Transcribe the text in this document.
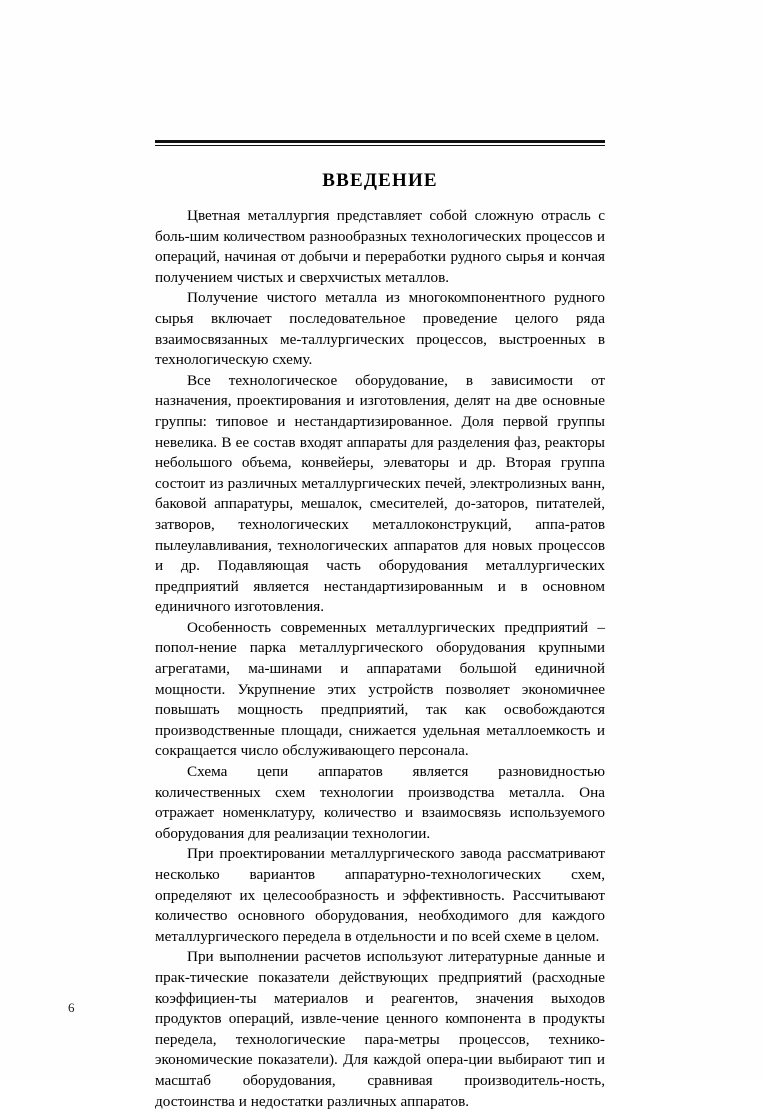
ВВЕДЕНИЕ

Цветная металлургия представляет собой сложную отрасль с боль-шим количеством разнообразных технологических процессов и операций, начиная от добычи и переработки рудного сырья и кончая получением чистых и сверхчистых металлов.

Получение чистого металла из многокомпонентного рудного сырья включает последовательное проведение целого ряда взаимосвязанных ме-таллургических процессов, выстроенных в технологическую схему.

Все технологическое оборудование, в зависимости от назначения, проектирования и изготовления, делят на две основные группы: типовое и нестандартизированное. Доля первой группы невелика. В ее состав входят аппараты для разделения фаз, реакторы небольшого объема, конвейеры, элеваторы и др. Вторая группа состоит из различных металлургических печей, электролизных ванн, баковой аппаратуры, мешалок, смесителей, до-заторов, питателей, затворов, технологических металлоконструкций, аппа-ратов пылеулавливания, технологических аппаратов для новых процессов и др. Подавляющая часть оборудования металлургических предприятий является нестандартизированным и в основном единичного изготовления.

Особенность современных металлургических предприятий – попол-нение парка металлургического оборудования крупными агрегатами, ма-шинами и аппаратами большой единичной мощности. Укрупнение этих устройств позволяет экономичнее повышать мощность предприятий, так как освобождаются производственные площади, снижается удельная металлоемкость и сокращается число обслуживающего персонала.

Схема цепи аппаратов является разновидностью количественных схем технологии производства металла. Она отражает номенклатуру, количество и взаимосвязь используемого оборудования для реализации технологии.

При проектировании металлургического завода рассматривают несколько вариантов аппаратурно-технологических схем, определяют их целесообразность и эффективность. Рассчитывают количество основного оборудования, необходимого для каждого металлургического передела в отдельности и по всей схеме в целом.

При выполнении расчетов используют литературные данные и прак-тические показатели действующих предприятий (расходные коэффициен-ты материалов и реагентов, значения выходов продуктов операций, извле-чение ценного компонента в продукты передела, технологические пара-метры процессов, технико-экономические показатели). Для каждой опера-ции выбирают тип и масштаб оборудования, сравнивая производитель-ность, достоинства и недостатки различных аппаратов.

6
